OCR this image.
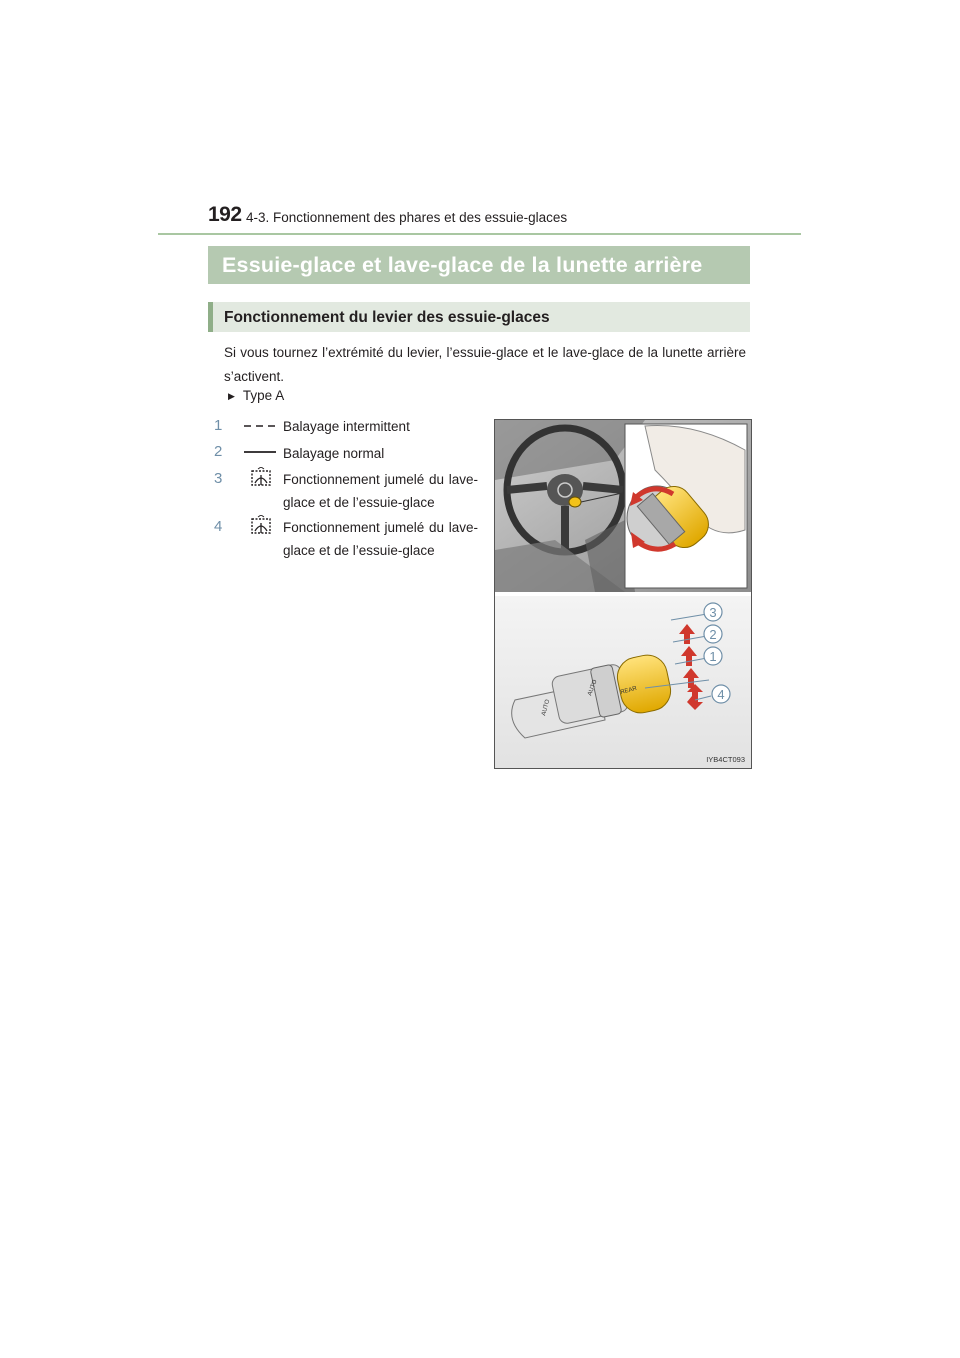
192 4-3. Fonctionnement des phares et des essuie-glaces
Essuie-glace et lave-glace de la lunette arrière
Fonctionnement du levier des essuie-glaces
Si vous tournez l’extrémité du levier, l’essuie-glace et le lave-glace de la lunette arrière s’activent.
▶ Type A
1	Balayage intermittent
2	Balayage normal
3	Fonctionnement jumelé du lave-glace et de l’essuie-glace
4	Fonctionnement jumelé du lave-glace et de l’essuie-glace
AUTO
AUTO	REAR
3
2
1
4
IYB4CT093
